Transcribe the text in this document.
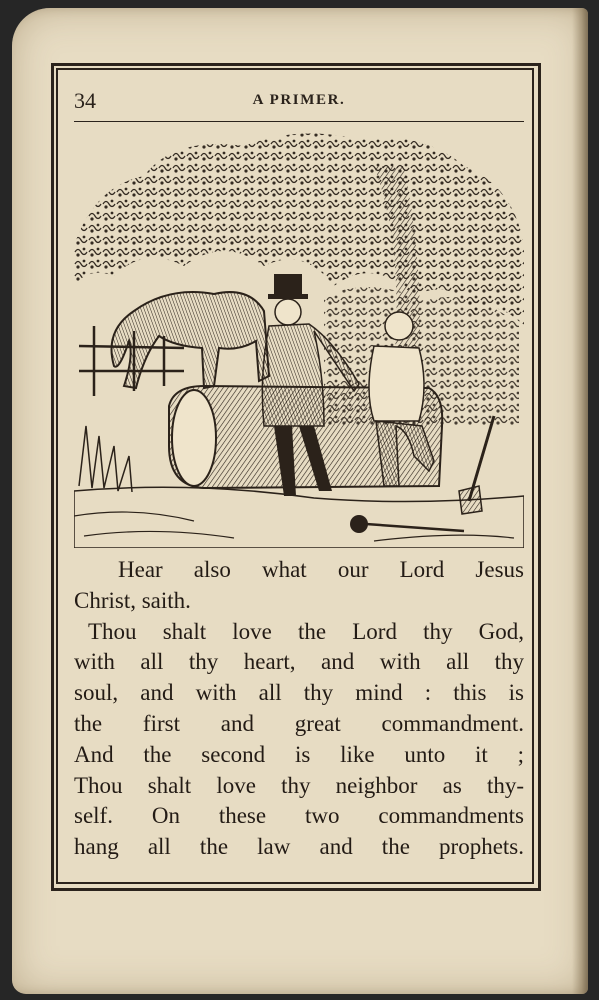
34	A PRIMER.
Hear also what our Lord Jesus
Christ, saith.
Thou shalt love the Lord thy God,
with all thy heart, and with all thy
soul, and with all thy mind : this is
the first and great commandment.
And the second is like unto it ;
Thou shalt love thy neighbor as thy-
self. On these two commandments
hang all the law and the prophets.
